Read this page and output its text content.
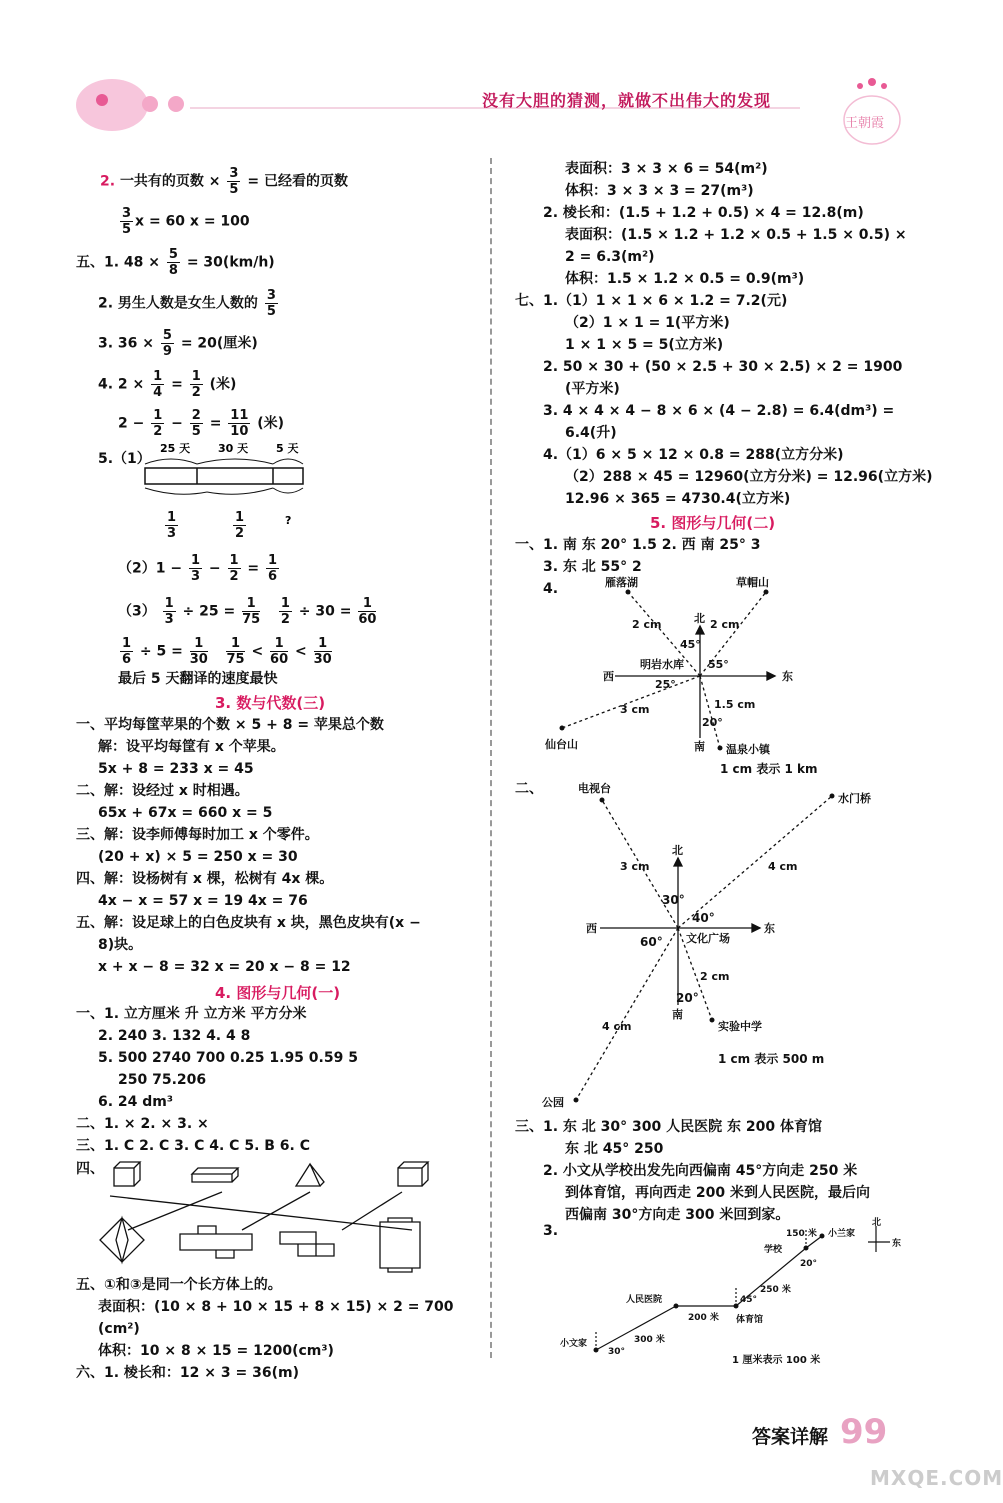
没有大胆的猜测，就做不出伟大的发现
王朝霞
2. 一共有的页数 × $\frac{3}{5}$ = 已经看的页数
$\frac{3}{5}$ x = 60 x = 100
五、1. $48 \times \frac{5}{8} = 30(km/h)$
2. 男生人数是女生人数的 $\frac{3}{5}$
3. $36 \times \frac{5}{9} = 20$(厘米)
4. $2 \times \frac{1}{4} = \frac{1}{2}$ (米)
$2 - \frac{1}{2} - \frac{2}{5} = \frac{11}{10}$ (米)
5.（1）
25 天	30 天	5 天
?
$\frac{1}{3}$	$\frac{1}{2}$
$(2)1 - \frac{1}{3} - \frac{1}{2} = \frac{1}{6}$
$(3) \frac{1}{3} \div 25 = \frac{1}{75}$
$\frac{1}{2} \div 30 = \frac{1}{60}$
$\frac{1}{6} \div 5 = \frac{1}{30}$
$\frac{1}{75} < \frac{1}{60} < \frac{1}{30}$
最后 5 天翻译的速度最快
3. 数与代数(三)
一、平均每筐苹果的个数 × 5 + 8 = 苹果总个数
解：设平均每筐有 x 个苹果。
5x + 8 = 233 x = 45
二、解：设经过 x 时相遇。
65x + 67x = 660 x = 5
三、解：设李师傅每时加工 x 个零件。
(20 + x) × 5 = 250 x = 30
四、解：设杨树有 x 棵，松树有 4x 棵。
4x − x = 57 x = 19 4x = 76
五、解：设足球上的白色皮块有 x 块，黑色皮块有(x −
8)块。
x + x − 8 = 32 x = 20 x − 8 = 12
4. 图形与几何(一)
一、1. 立方厘米 升 立方米 平方分米
2. 240 3. 132 4. 4 8
5. 500 2740 700 0.25 1.95 0.59 5
250 75.206
6. 24 dm³
二、1. × 2. × 3. ×
三、1. C 2. C 3. C 4. C 5. B 6. C
四、
五、①和③是同一个长方体上的。
表面积：(10 × 8 + 10 × 15 + 8 × 15) × 2 = 700
(cm²)
体积：10 × 8 × 15 = 1200(cm³)
六、1. 棱长和：12 × 3 = 36(m)
表面积：3 × 3 × 6 = 54(m²)
体积：3 × 3 × 3 = 27(m³)
2. 棱长和：(1.5 + 1.2 + 0.5) × 4 = 12.8(m)
表面积：(1.5 × 1.2 + 1.2 × 0.5 + 1.5 × 0.5) ×
2 = 6.3(m²)
体积：1.5 × 1.2 × 0.5 = 0.9(m³)
七、1.（1）1 × 1 × 6 × 1.2 = 7.2(元)
（2）1 × 1 = 1(平方米)
1 × 1 × 5 = 5(立方米)
2. 50 × 30 + (50 × 2.5 + 30 × 2.5) × 2 = 1900
(平方米)
3. 4 × 4 × 4 − 8 × 6 × (4 − 2.8) = 6.4(dm³) =
6.4(升)
4.（1）6 × 5 × 12 × 0.8 = 288(立方分米)
（2）288 × 45 = 12960(立方分米) = 12.96(立方米)
12.96 × 365 = 4730.4(立方米)
5. 图形与几何(二)
一、1. 南 东 20° 1.5 2. 西 南 25° 3
3. 东 北 55° 2
4.	雁落湖	草帽山
明岩水库
仙台山	温泉小镇
北
南
西	东
2 cm	2 cm
3 cm	1.5 cm
45°
55°
25°
20°
1 cm 表示 1 km
二、	电视台
水门桥
文化广场
实验中学
公园
北
南
西	东
3 cm	4 cm
2 cm
4 cm
30°
40°
60°
20°
1 cm 表示 500 m
三、1. 东 北 30° 300 人民医院 东 200 体育馆
东 北 45° 250
2. 小文从学校出发先向西偏南 45°方向走 250 米
到体育馆，再向西走 200 米到人民医院，最后向
西偏南 30°方向走 300 米回到家。
3.
小文家
人民医院
体育馆
学校
小兰家
300 米
200 米
250 米
150 米
30°
45°
20°
北
东
1 厘米表示 100 米
答案详解 99
MXQE.COM
